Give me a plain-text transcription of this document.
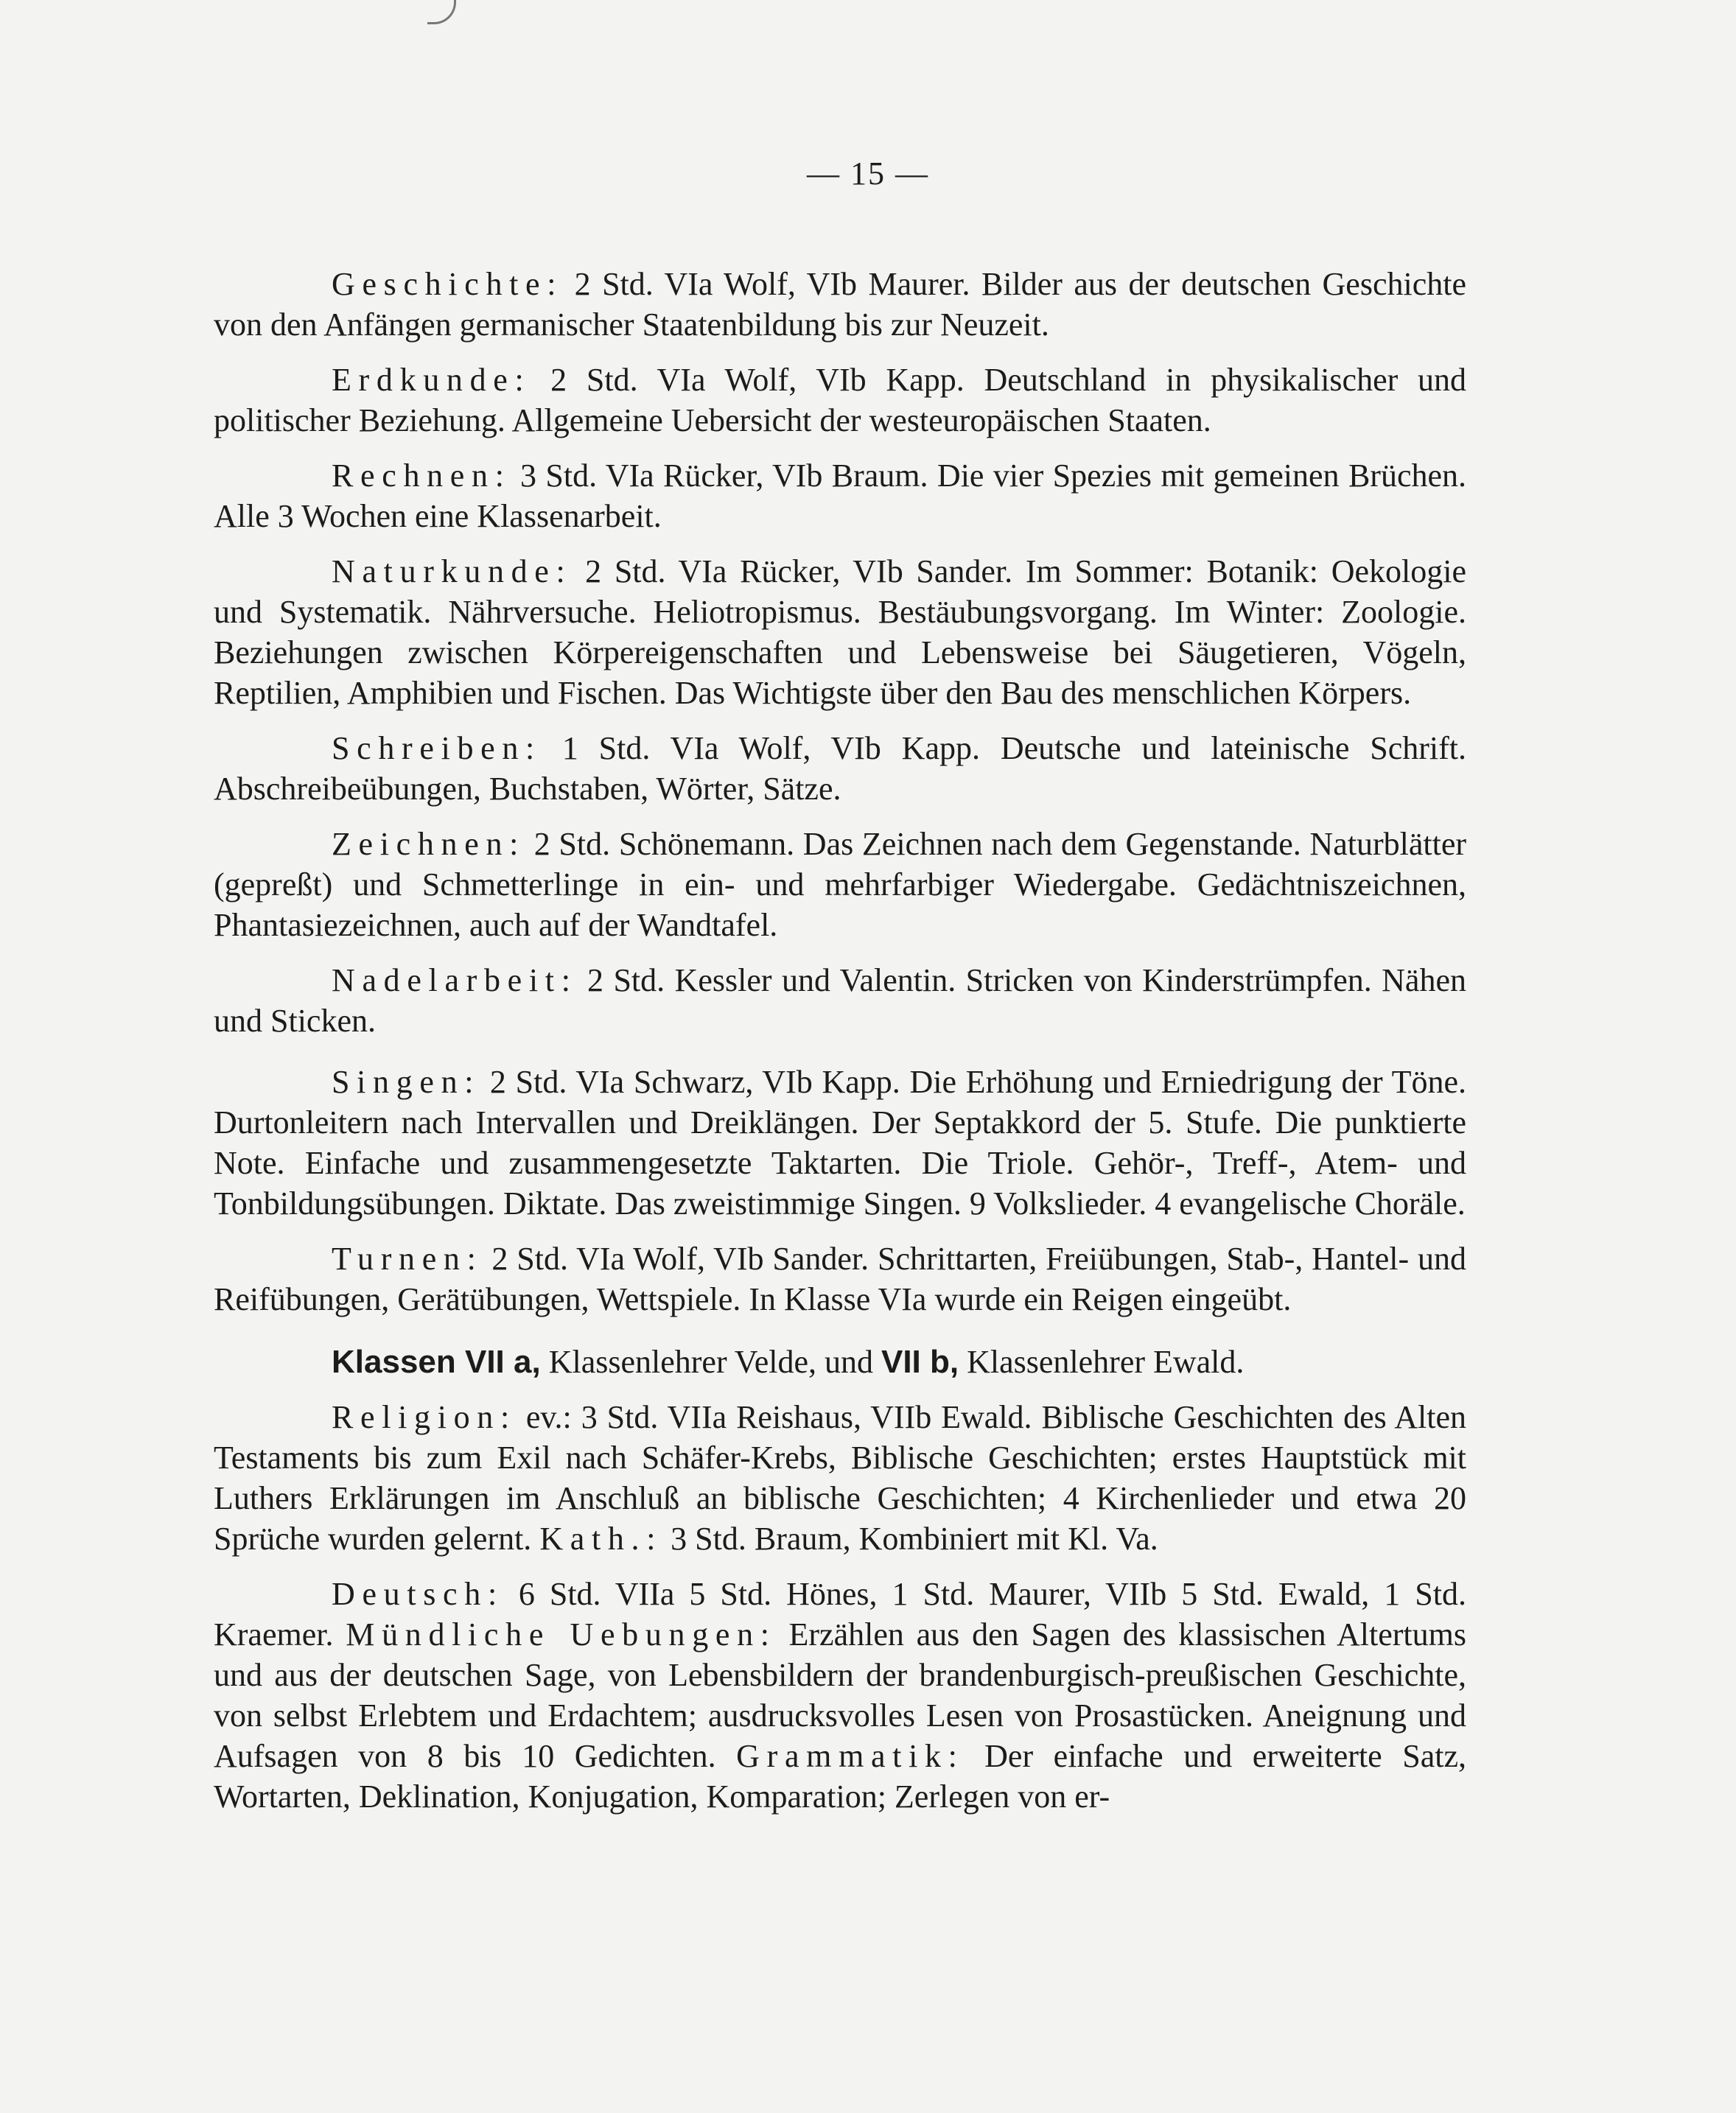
— 15 —

Geschichte: 2 Std. VIa Wolf, VIb Maurer. Bilder aus der deutschen Geschichte von den Anfängen germanischer Staatenbildung bis zur Neuzeit.

Erdkunde: 2 Std. VIa Wolf, VIb Kapp. Deutschland in physikalischer und politischer Beziehung. Allgemeine Uebersicht der westeuropäischen Staaten.

Rechnen: 3 Std. VIa Rücker, VIb Braum. Die vier Spezies mit gemeinen Brüchen. Alle 3 Wochen eine Klassenarbeit.

Naturkunde: 2 Std. VIa Rücker, VIb Sander. Im Sommer: Botanik: Oekologie und Systematik. Nährversuche. Heliotropismus. Bestäubungsvorgang. Im Winter: Zoologie. Beziehungen zwischen Körpereigenschaften und Lebensweise bei Säugetieren, Vögeln, Reptilien, Amphibien und Fischen. Das Wichtigste über den Bau des menschlichen Körpers.

Schreiben: 1 Std. VIa Wolf, VIb Kapp. Deutsche und lateinische Schrift. Abschreibeübungen, Buchstaben, Wörter, Sätze.

Zeichnen: 2 Std. Schönemann. Das Zeichnen nach dem Gegenstande. Naturblätter (gepreßt) und Schmetterlinge in ein- und mehrfarbiger Wiedergabe. Gedächtniszeichnen, Phantasiezeichnen, auch auf der Wandtafel.

Nadelarbeit: 2 Std. Kessler und Valentin. Stricken von Kinderstrümpfen. Nähen und Sticken.

Singen: 2 Std. VIa Schwarz, VIb Kapp. Die Erhöhung und Erniedrigung der Töne. Durtonleitern nach Intervallen und Dreiklängen. Der Septakkord der 5. Stufe. Die punktierte Note. Einfache und zusammengesetzte Taktarten. Die Triole. Gehör-, Treff-, Atem- und Tonbildungsübungen. Diktate. Das zweistimmige Singen. 9 Volkslieder. 4 evangelische Choräle.

Turnen: 2 Std. VIa Wolf, VIb Sander. Schrittarten, Freiübungen, Stab-, Hantel- und Reifübungen, Gerätübungen, Wettspiele. In Klasse VIa wurde ein Reigen eingeübt.

Klassen VII a, Klassenlehrer Velde, und VII b, Klassenlehrer Ewald.

Religion: ev.: 3 Std. VIIa Reishaus, VIIb Ewald. Biblische Geschichten des Alten Testaments bis zum Exil nach Schäfer-Krebs, Biblische Geschichten; erstes Hauptstück mit Luthers Erklärungen im Anschluß an biblische Geschichten; 4 Kirchenlieder und etwa 20 Sprüche wurden gelernt. Kath.: 3 Std. Braum, Kombiniert mit Kl. Va.

Deutsch: 6 Std. VIIa 5 Std. Hönes, 1 Std. Maurer, VIIb 5 Std. Ewald, 1 Std. Kraemer. Mündliche Uebungen: Erzählen aus den Sagen des klassischen Altertums und aus der deutschen Sage, von Lebensbildern der brandenburgisch-preußischen Geschichte, von selbst Erlebtem und Erdachtem; ausdrucksvolles Lesen von Prosastücken. Aneignung und Aufsagen von 8 bis 10 Gedichten. Grammatik: Der einfache und erweiterte Satz, Wortarten, Deklination, Konjugation, Komparation; Zerlegen von er-
